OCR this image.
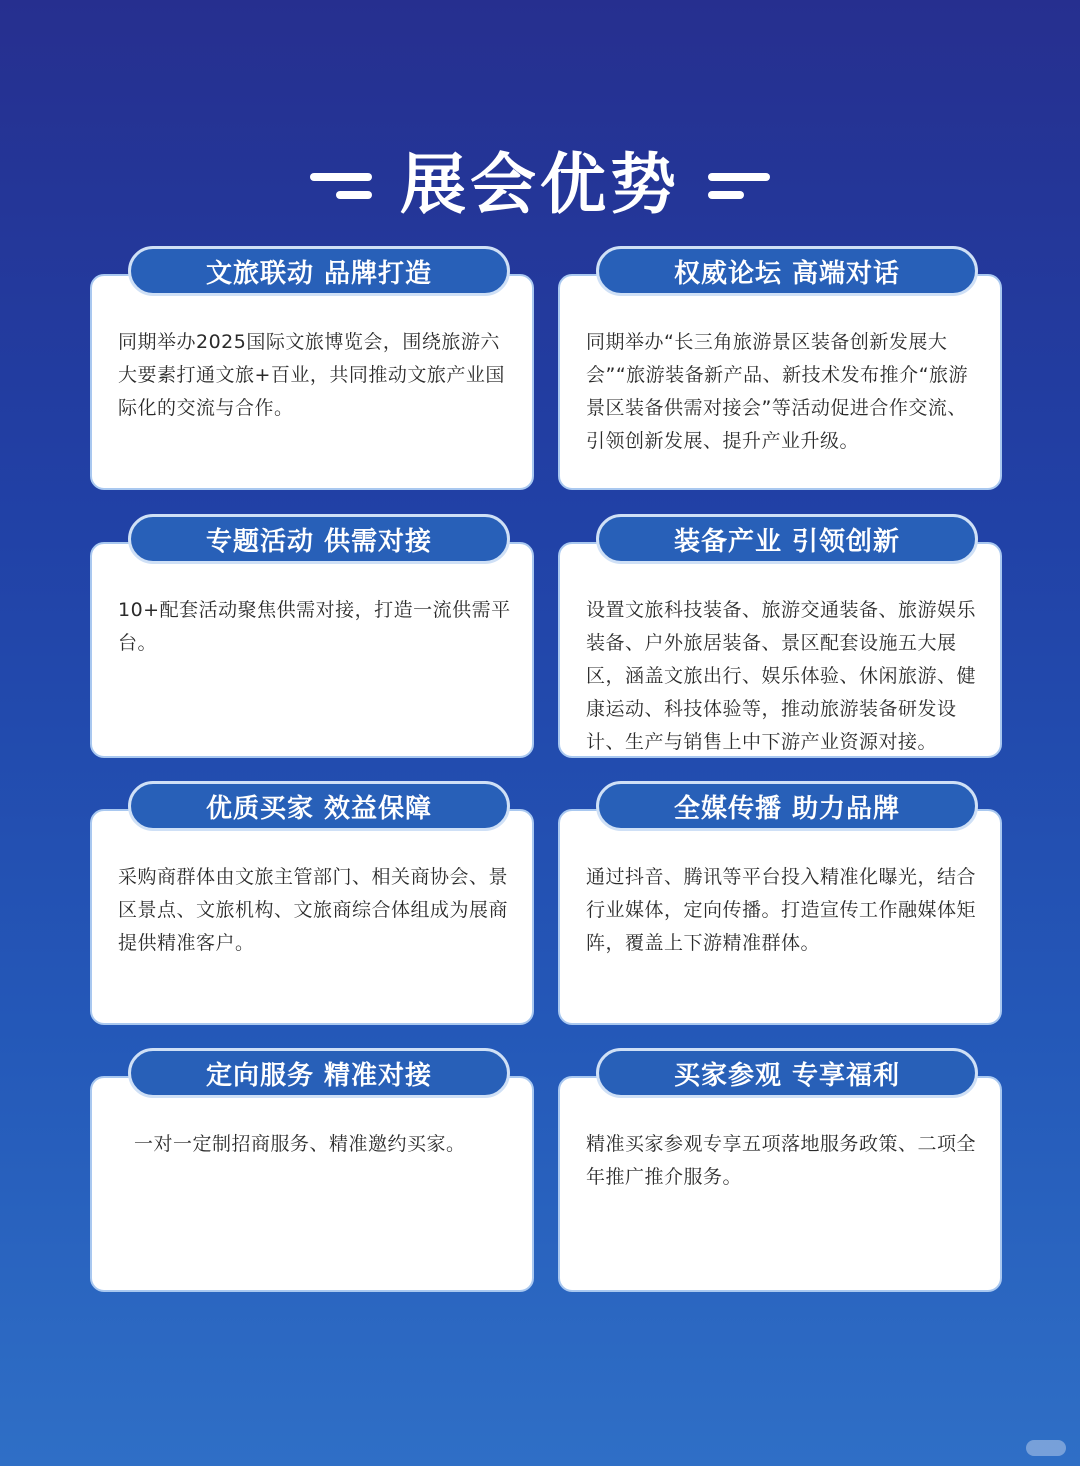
展会优势
文旅联动 品牌打造
同期举办2025国际文旅博览会，围绕旅游六大要素打通文旅+百业，共同推动文旅产业国际化的交流与合作。
权威论坛 高端对话
同期举办“长三角旅游景区装备创新发展大会”“旅游装备新产品、新技术发布推介“旅游景区装备供需对接会”等活动促进合作交流、引领创新发展、提升产业升级。
专题活动 供需对接
10+配套活动聚焦供需对接，打造一流供需平台。
装备产业 引领创新
设置文旅科技装备、旅游交通装备、旅游娱乐装备、户外旅居装备、景区配套设施五大展区，涵盖文旅出行、娱乐体验、休闲旅游、健康运动、科技体验等，推动旅游装备研发设计、生产与销售上中下游产业资源对接。
优质买家 效益保障
采购商群体由文旅主管部门、相关商协会、景区景点、文旅机构、文旅商综合体组成为展商提供精准客户。
全媒传播 助力品牌
通过抖音、腾讯等平台投入精准化曝光，结合行业媒体，定向传播。打造宣传工作融媒体矩阵，覆盖上下游精准群体。
定向服务 精准对接
一对一定制招商服务、精准邀约买家。
买家参观 专享福利
精准买家参观专享五项落地服务政策、二项全年推广推介服务。
